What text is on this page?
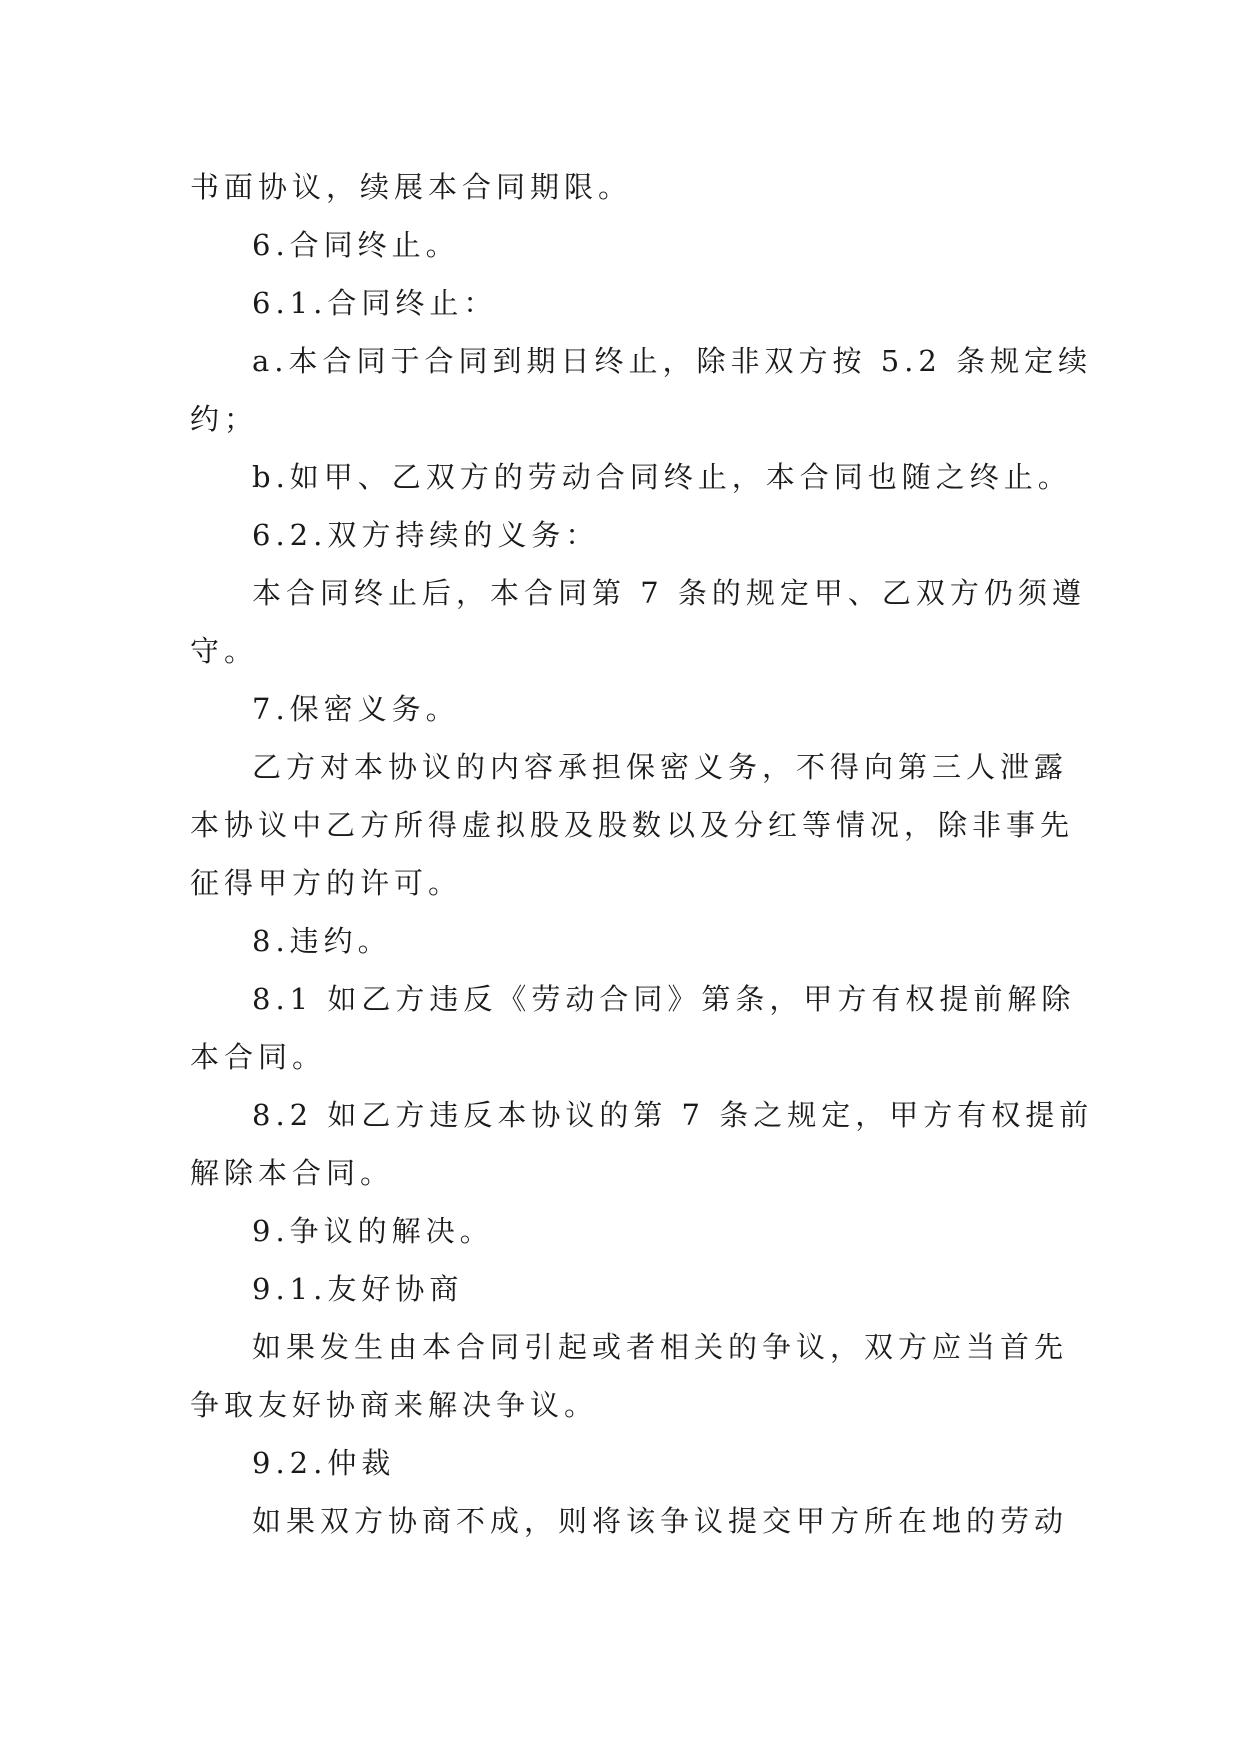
书面协议，续展本合同期限。
6.合同终止。
6.1.合同终止：
a.本合同于合同到期日终止，除非双方按 5.2 条规定续
约；
b.如甲、乙双方的劳动合同终止，本合同也随之终止。
6.2.双方持续的义务：
本合同终止后，本合同第 7 条的规定甲、乙双方仍须遵
守。
7.保密义务。
乙方对本协议的内容承担保密义务，不得向第三人泄露
本协议中乙方所得虚拟股及股数以及分红等情况，除非事先
征得甲方的许可。
8.违约。
8.1 如乙方违反《劳动合同》第条，甲方有权提前解除
本合同。
8.2 如乙方违反本协议的第 7 条之规定，甲方有权提前
解除本合同。
9.争议的解决。
9.1.友好协商
如果发生由本合同引起或者相关的争议，双方应当首先
争取友好协商来解决争议。
9.2.仲裁
如果双方协商不成，则将该争议提交甲方所在地的劳动
